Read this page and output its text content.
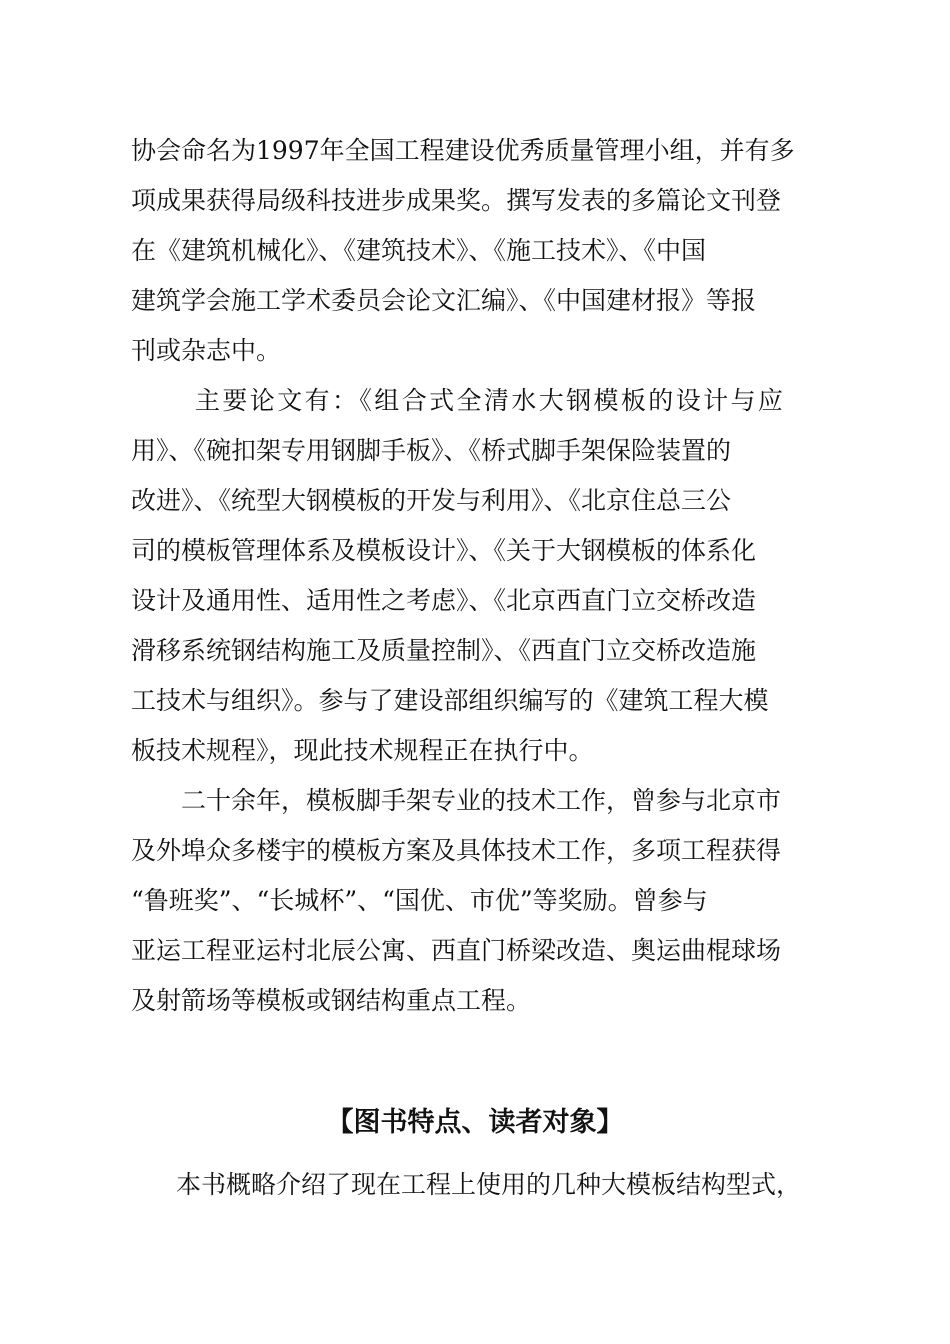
协会命名为1997年全国工程建设优秀质量管理小组，并有多
项成果获得局级科技进步成果奖。撰写发表的多篇论文刊登
在《建筑机械化》、《建筑技术》、《施工技术》、《中国
建筑学会施工学术委员会论文汇编》、《中国建材报》等报
刊或杂志中。
主要论文有：《组合式全清水大钢模板的设计与应
用》、《碗扣架专用钢脚手板》、《桥式脚手架保险装置的
改进》、《统型大钢模板的开发与利用》、《北京住总三公
司的模板管理体系及模板设计》、《关于大钢模板的体系化
设计及通用性、适用性之考虑》、《北京西直门立交桥改造
滑移系统钢结构施工及质量控制》、《西直门立交桥改造施
工技术与组织》。参与了建设部组织编写的《建筑工程大模
板技术规程》，现此技术规程正在执行中。
二十余年，模板脚手架专业的技术工作，曾参与北京市
及外埠众多楼宇的模板方案及具体技术工作，多项工程获得
“鲁班奖”、“长城杯”、“国优、市优”等奖励。曾参与
亚运工程亚运村北辰公寓、西直门桥梁改造、奥运曲棍球场
及射箭场等模板或钢结构重点工程。
【图书特点、读者对象】
本书概略介绍了现在工程上使用的几种大模板结构型式，
